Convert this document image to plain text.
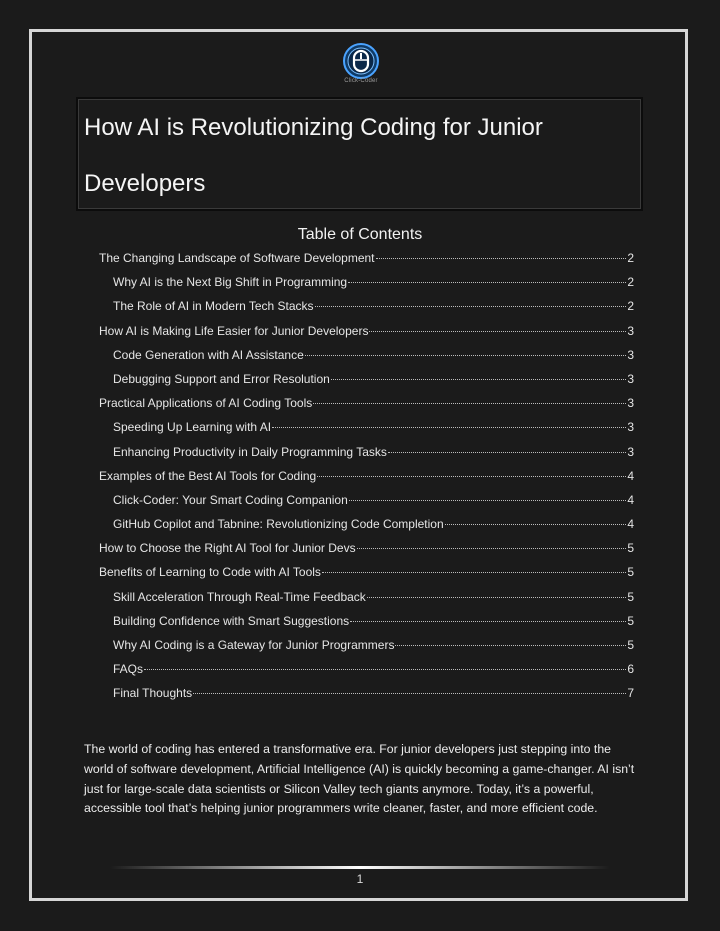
Click-Coder
How AI is Revolutionizing Coding for Junior Developers
Table of Contents
The Changing Landscape of Software Development	2
Why AI is the Next Big Shift in Programming	2
The Role of AI in Modern Tech Stacks	2
How AI is Making Life Easier for Junior Developers	3
Code Generation with AI Assistance	3
Debugging Support and Error Resolution	3
Practical Applications of AI Coding Tools	3
Speeding Up Learning with AI	3
Enhancing Productivity in Daily Programming Tasks	3
Examples of the Best AI Tools for Coding	4
Click-Coder: Your Smart Coding Companion	4
GitHub Copilot and Tabnine: Revolutionizing Code Completion	4
How to Choose the Right AI Tool for Junior Devs	5
Benefits of Learning to Code with AI Tools	5
Skill Acceleration Through Real-Time Feedback	5
Building Confidence with Smart Suggestions	5
Why AI Coding is a Gateway for Junior Programmers	5
FAQs	6
Final Thoughts	7

The world of coding has entered a transformative era. For junior developers just stepping into the world of software development, Artificial Intelligence (AI) is quickly becoming a game-changer. AI isn’t just for large-scale data scientists or Silicon Valley tech giants anymore. Today, it’s a powerful, accessible tool that’s helping junior programmers write cleaner, faster, and more efficient code.

1
